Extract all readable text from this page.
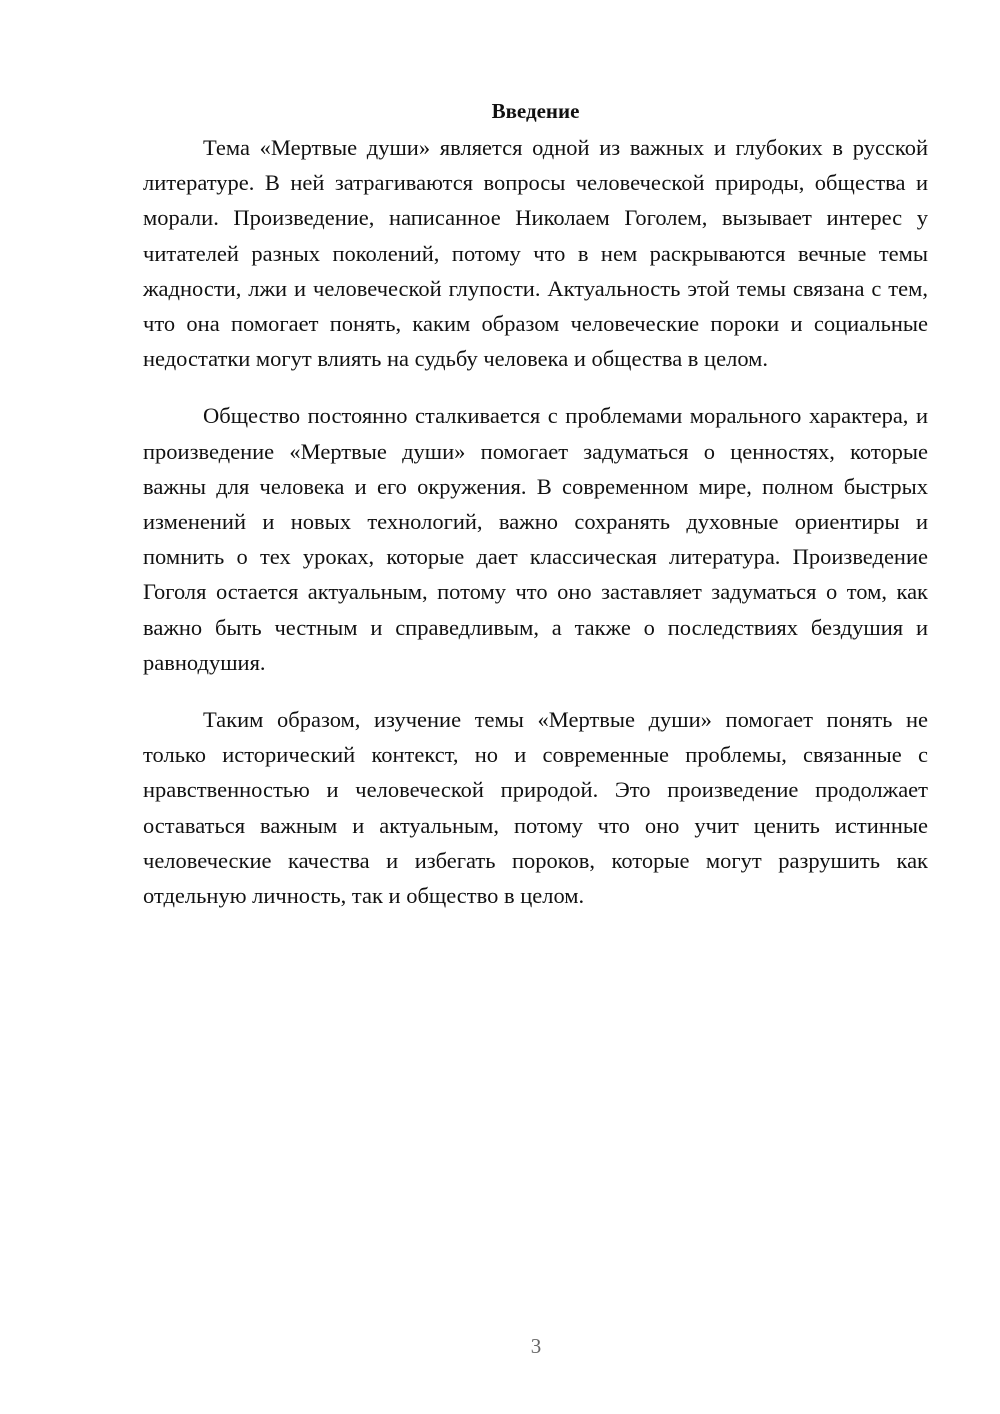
Введение

Тема «Мертвые души» является одной из важных и глубоких в русской литературе. В ней затрагиваются вопросы человеческой природы, общества и морали. Произведение, написанное Николаем Гоголем, вызывает интерес у читателей разных поколений, потому что в нем раскрываются вечные темы жадности, лжи и человеческой глупости. Актуальность этой темы связана с тем, что она помогает понять, каким образом человеческие пороки и социальные недостатки могут влиять на судьбу человека и общества в целом.

Общество постоянно сталкивается с проблемами морального характера, и произведение «Мертвые души» помогает задуматься о ценностях, которые важны для человека и его окружения. В современном мире, полном быстрых изменений и новых технологий, важно сохранять духовные ориентиры и помнить о тех уроках, которые дает классическая литература. Произведение Гоголя остается актуальным, потому что оно заставляет задуматься о том, как важно быть честным и справедливым, а также о последствиях бездушия и равнодушия.

Таким образом, изучение темы «Мертвые души» помогает понять не только исторический контекст, но и современные проблемы, связанные с нравственностью и человеческой природой. Это произведение продолжает оставаться важным и актуальным, потому что оно учит ценить истинные человеческие качества и избегать пороков, которые могут разрушить как отдельную личность, так и общество в целом.

3
